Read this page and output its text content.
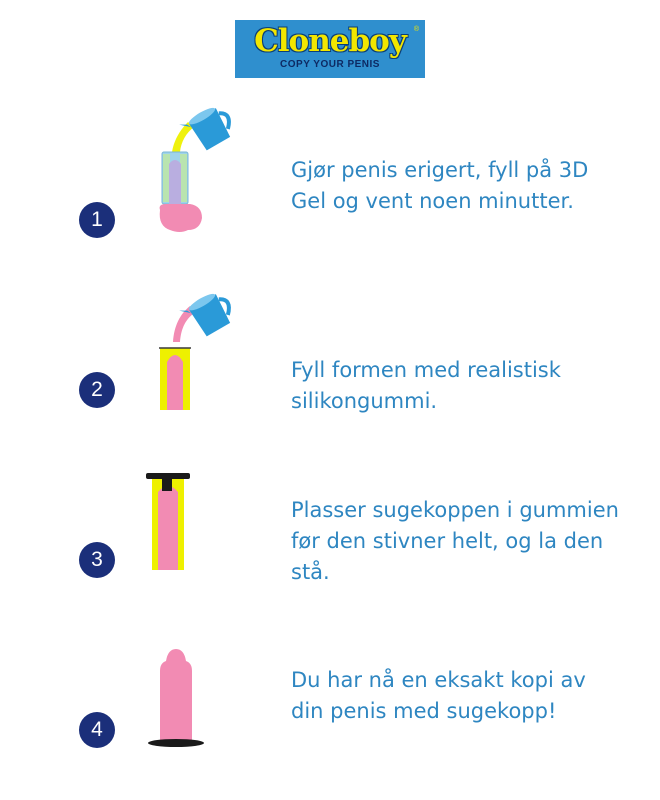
Cloneboy
COPY YOUR PENIS
®
1
Gjør penis erigert, fyll på 3D Gel og vent noen minutter.
2
Fyll formen med realistisk silikongummi.
3
Plasser sugekoppen i gummien før den stivner helt, og la den stå.
4
Du har nå en eksakt kopi av din penis med sugekopp!
